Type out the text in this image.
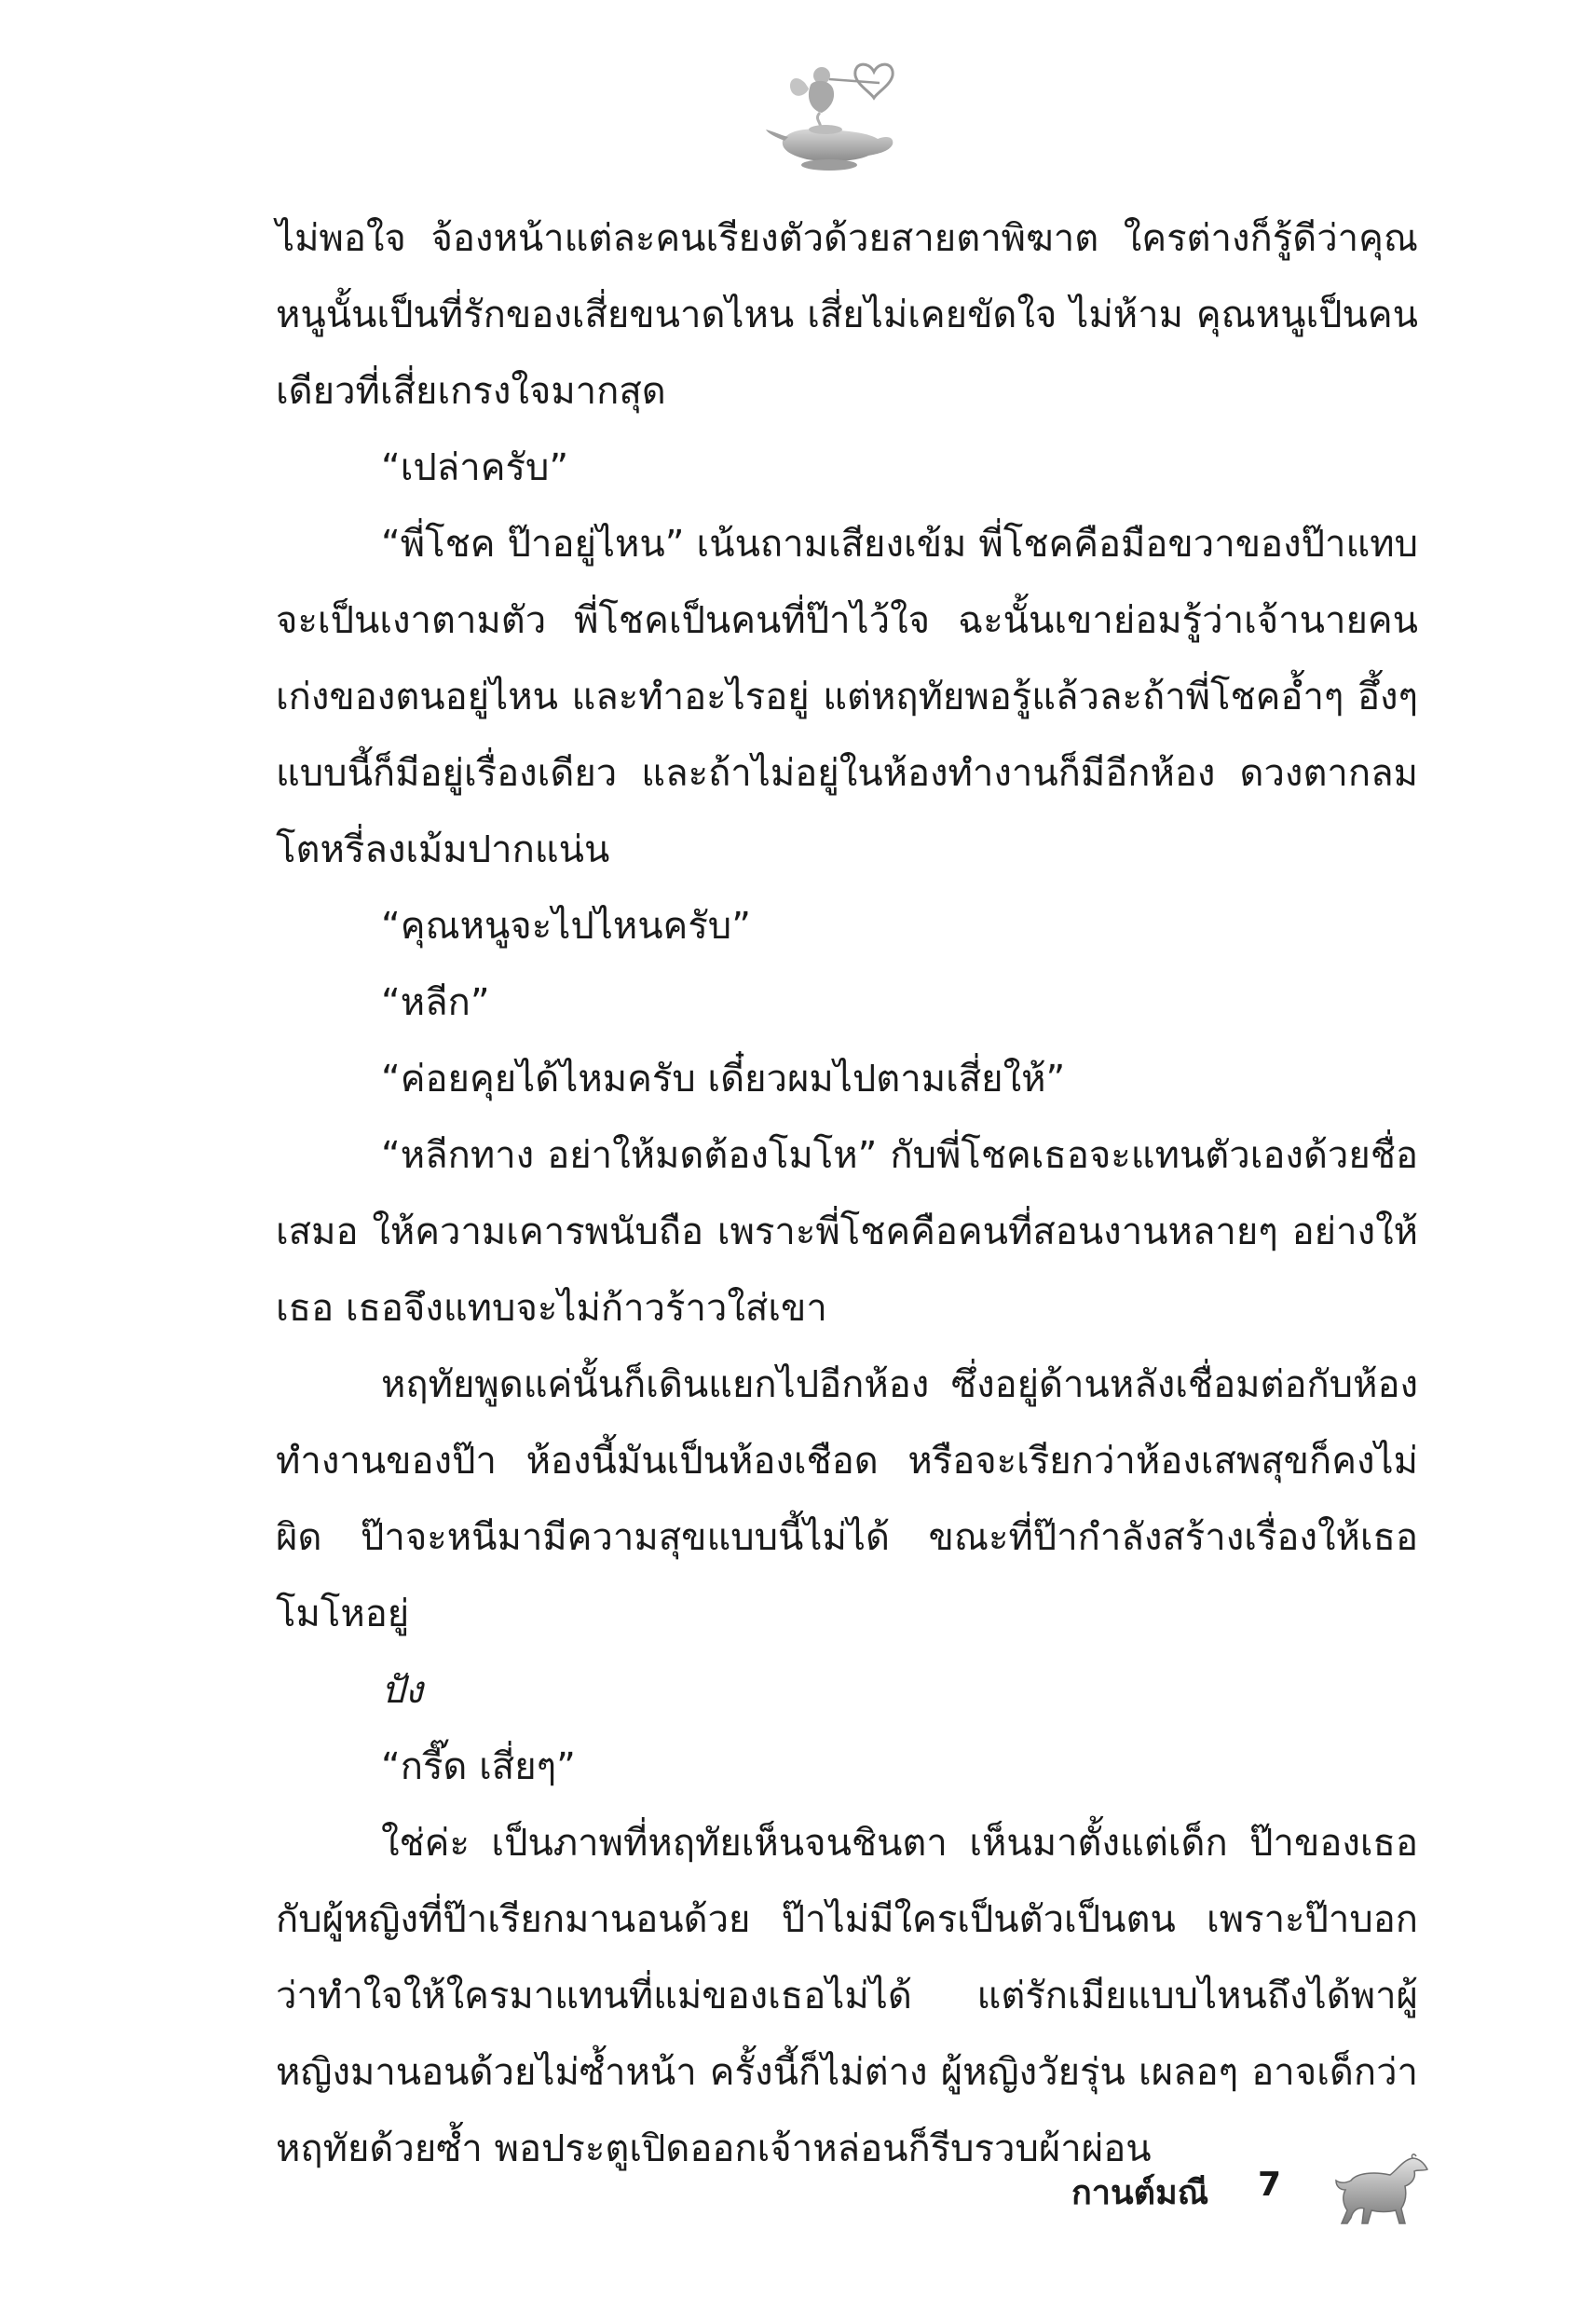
ไม่พอใจ จ้องหน้าแต่ละคนเรียงตัวด้วยสายตาพิฆาต ใครต่างก็รู้ดีว่าคุณหนูนั้นเป็นที่รักของเสี่ยขนาดไหน เสี่ยไม่เคยขัดใจ ไม่ห้าม คุณหนูเป็นคนเดียวที่เสี่ยเกรงใจมากสุด

“เปล่าครับ”

“พี่โชค ป๊าอยู่ไหน” เน้นถามเสียงเข้ม พี่โชคคือมือขวาของป๊าแทบจะเป็นเงาตามตัว พี่โชคเป็นคนที่ป๊าไว้ใจ ฉะนั้นเขาย่อมรู้ว่าเจ้านายคนเก่งของตนอยู่ไหน และทำอะไรอยู่ แต่หฤทัยพอรู้แล้วละถ้าพี่โชคอ้ำๆ อึ้งๆ แบบนี้ก็มีอยู่เรื่องเดียว และถ้าไม่อยู่ในห้องทำงานก็มีอีกห้อง ดวงตากลมโตหรี่ลงเม้มปากแน่น

“คุณหนูจะไปไหนครับ”

“หลีก”

“ค่อยคุยได้ไหมครับ เดี๋ยวผมไปตามเสี่ยให้”

“หลีกทาง อย่าให้มดต้องโมโห” กับพี่โชคเธอจะแทนตัวเองด้วยชื่อเสมอ ให้ความเคารพนับถือ เพราะพี่โชคคือคนที่สอนงานหลายๆ อย่างให้เธอ เธอจึงแทบจะไม่ก้าวร้าวใส่เขา

หฤทัยพูดแค่นั้นก็เดินแยกไปอีกห้อง ซึ่งอยู่ด้านหลังเชื่อมต่อกับห้องทำงานของป๊า ห้องนี้มันเป็นห้องเชือด หรือจะเรียกว่าห้องเสพสุขก็คงไม่ผิด ป๊าจะหนีมามีความสุขแบบนี้ไม่ได้ ขณะที่ป๊ากำลังสร้างเรื่องให้เธอโมโหอยู่

ปัง

“กรี๊ด เสี่ยๆ”

ใช่ค่ะ เป็นภาพที่หฤทัยเห็นจนชินตา เห็นมาตั้งแต่เด็ก ป๊าของเธอกับผู้หญิงที่ป๊าเรียกมานอนด้วย ป๊าไม่มีใครเป็นตัวเป็นตน เพราะป๊าบอกว่าทำใจให้ใครมาแทนที่แม่ของเธอไม่ได้ แต่รักเมียแบบไหนถึงได้พาผู้หญิงมานอนด้วยไม่ซ้ำหน้า ครั้งนี้ก็ไม่ต่าง ผู้หญิงวัยรุ่น เผลอๆ อาจเด็กว่าหฤทัยด้วยซ้ำ พอประตูเปิดออกเจ้าหล่อนก็รีบรวบผ้าผ่อน

กานต์มณี 7
